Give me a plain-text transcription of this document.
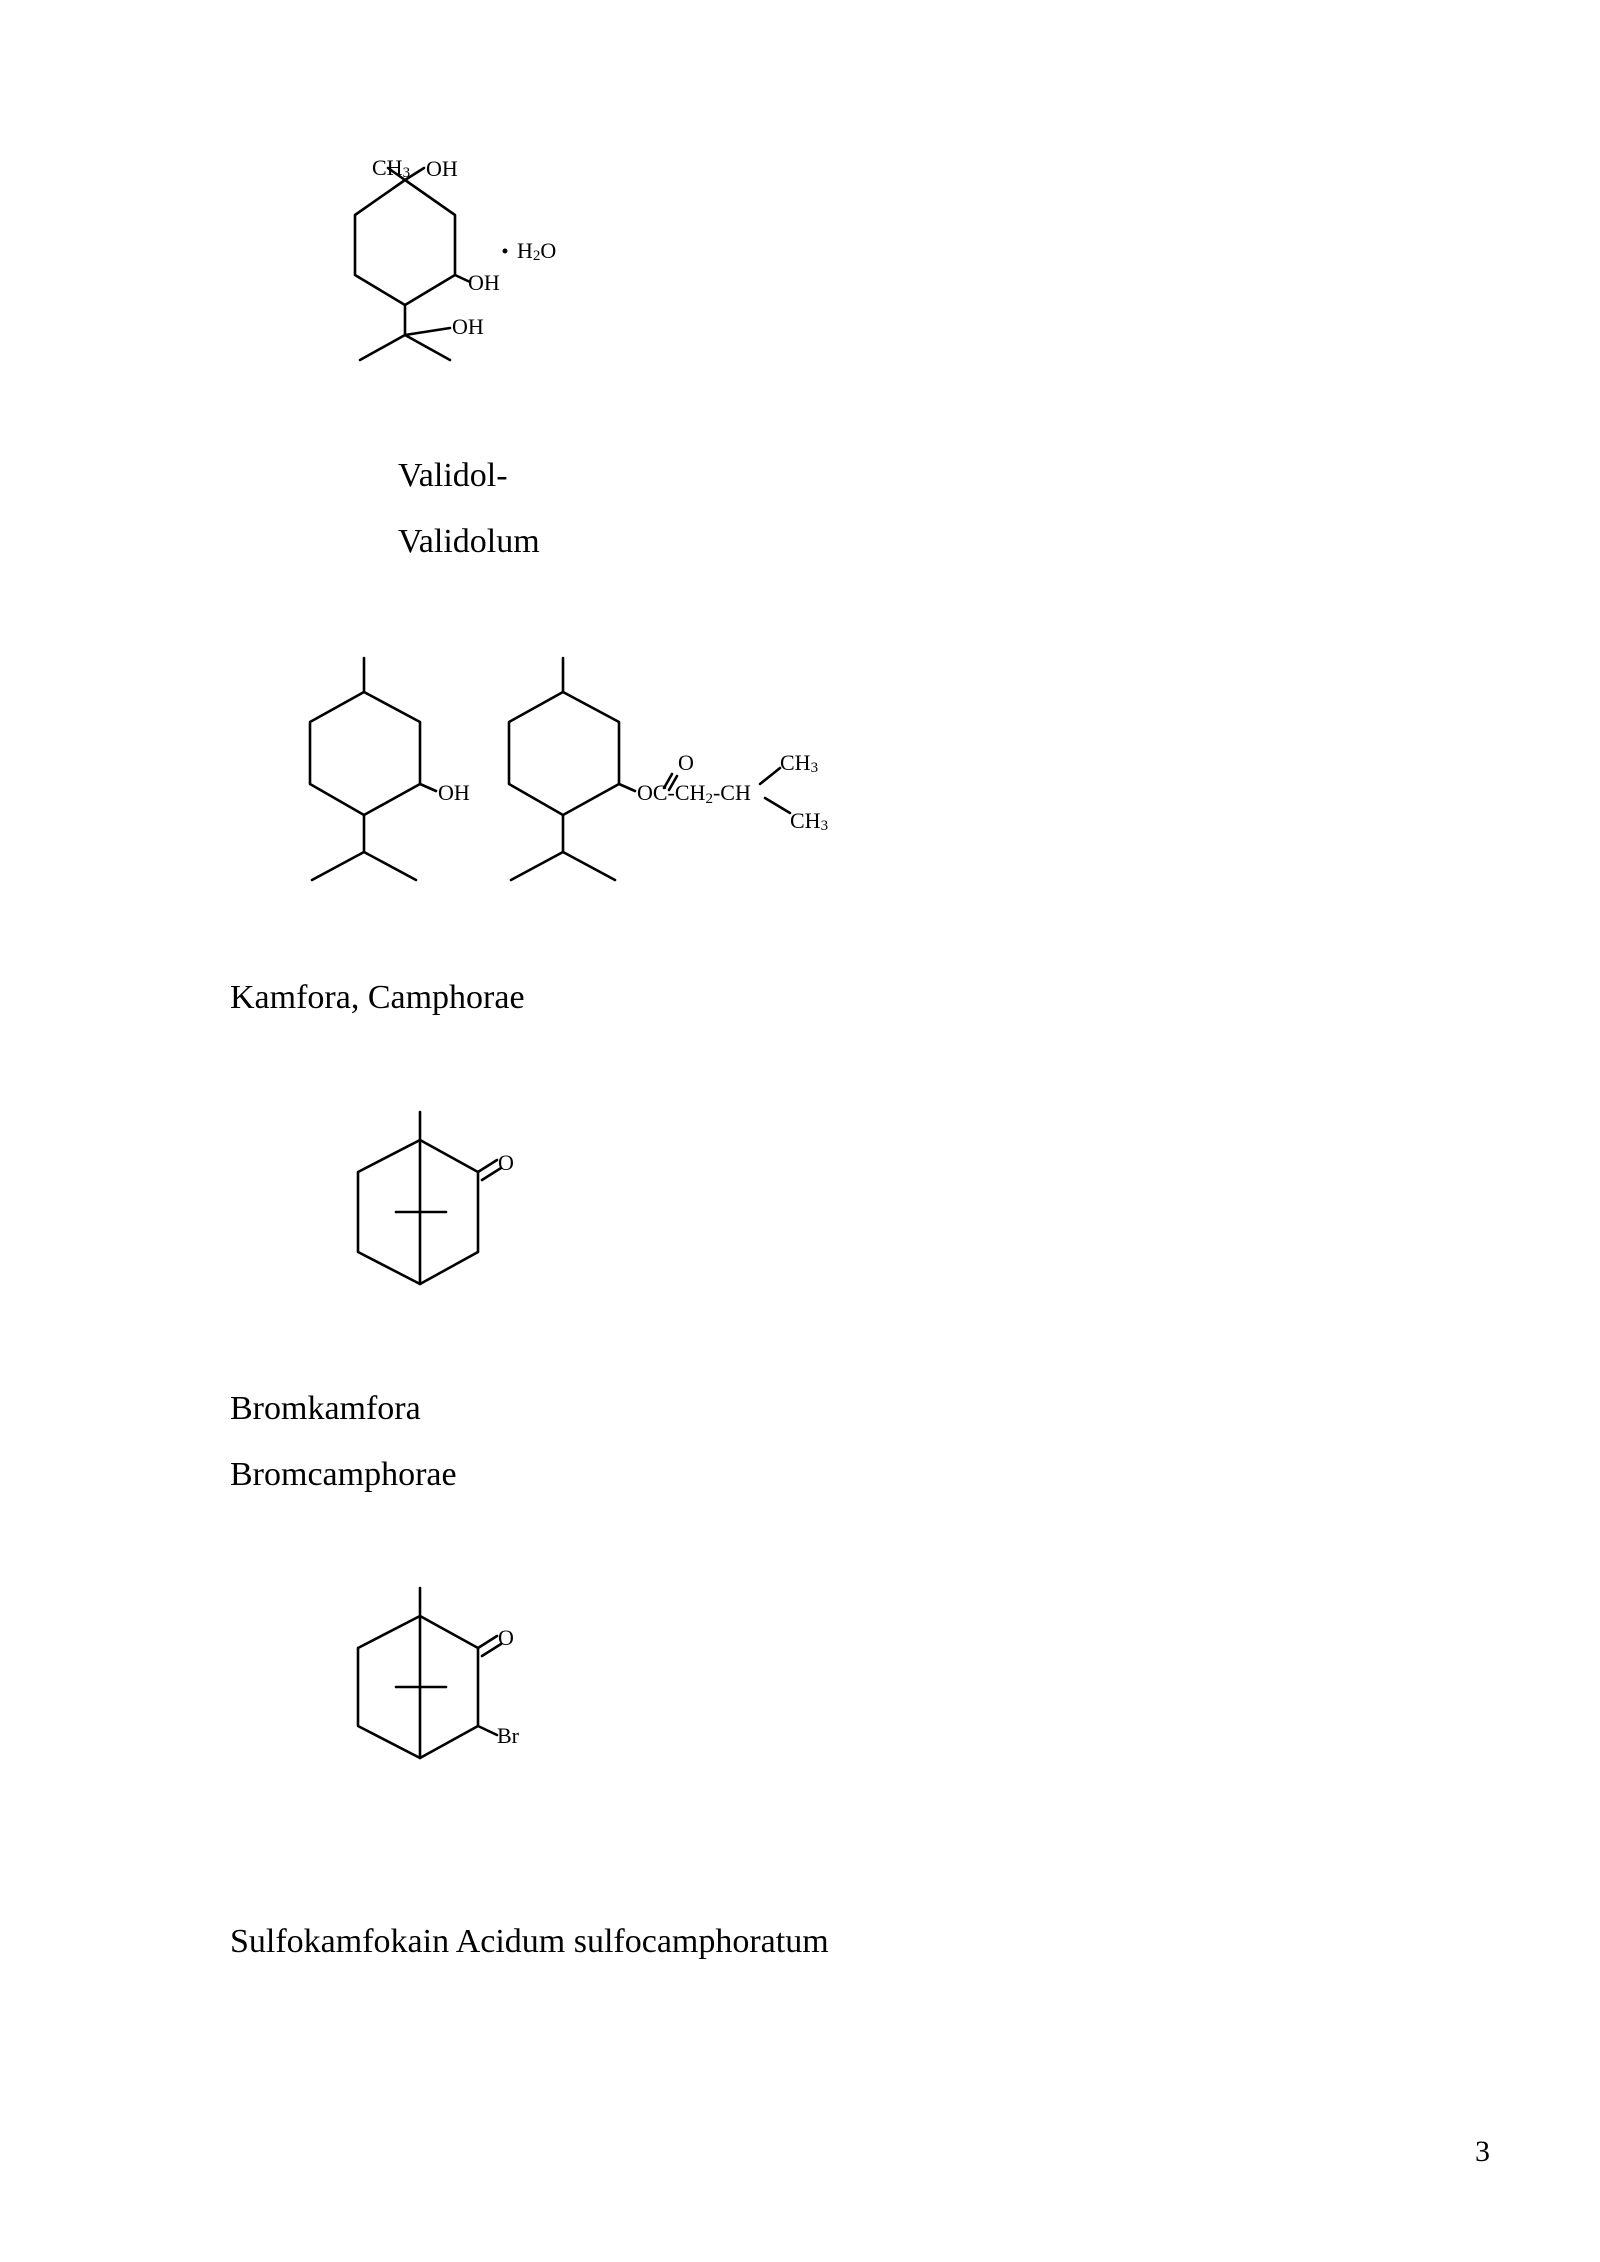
CH3 OH
H2O
OH
OH
Validol-
Validolum
OH
O
OC-CH2-CH
CH3
CH3
Kamfora, Camphorae
O
Bromkamfora
Bromcamphorae
O
Br
Sulfokamfokain Acidum sulfocamphoratum
3
